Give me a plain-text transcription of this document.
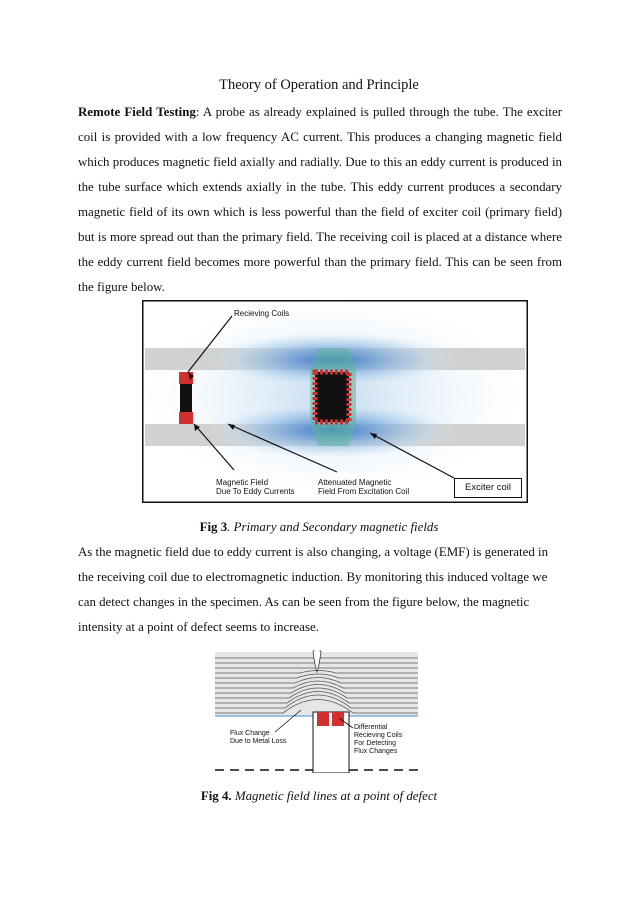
Theory of Operation and Principle

Remote Field Testing: A probe as already explained is pulled through the tube. The exciter coil is provided with a low frequency AC current. This produces a changing magnetic field which produces magnetic field axially and radially. Due to this an eddy current is produced in the tube surface which extends axially in the tube. This eddy current produces a secondary magnetic field of its own which is less powerful than the field of exciter coil (primary field) but is more spread out than the primary field. The receiving coil is placed at a distance where the eddy current field becomes more powerful than the primary field. This can be seen from the figure below.

Recieving Coils
Magnetic Field
Due To Eddy Currents
Attenuated Magnetic
Field From Excitation Coil	Exciter coil
Fig 3. Primary and Secondary magnetic fields

As the magnetic field due to eddy current is also changing, a voltage (EMF) is generated in the receiving coil due to electromagnetic induction. By monitoring this induced voltage we can detect changes in the specimen. As can be seen from the figure below, the magnetic intensity at a point of defect seems to increase.

Flux Change
Due to Metal Loss
Differential
Recieving Coils
For Detecting
Flux Changes
Fig 4. Magnetic field lines at a point of defect
